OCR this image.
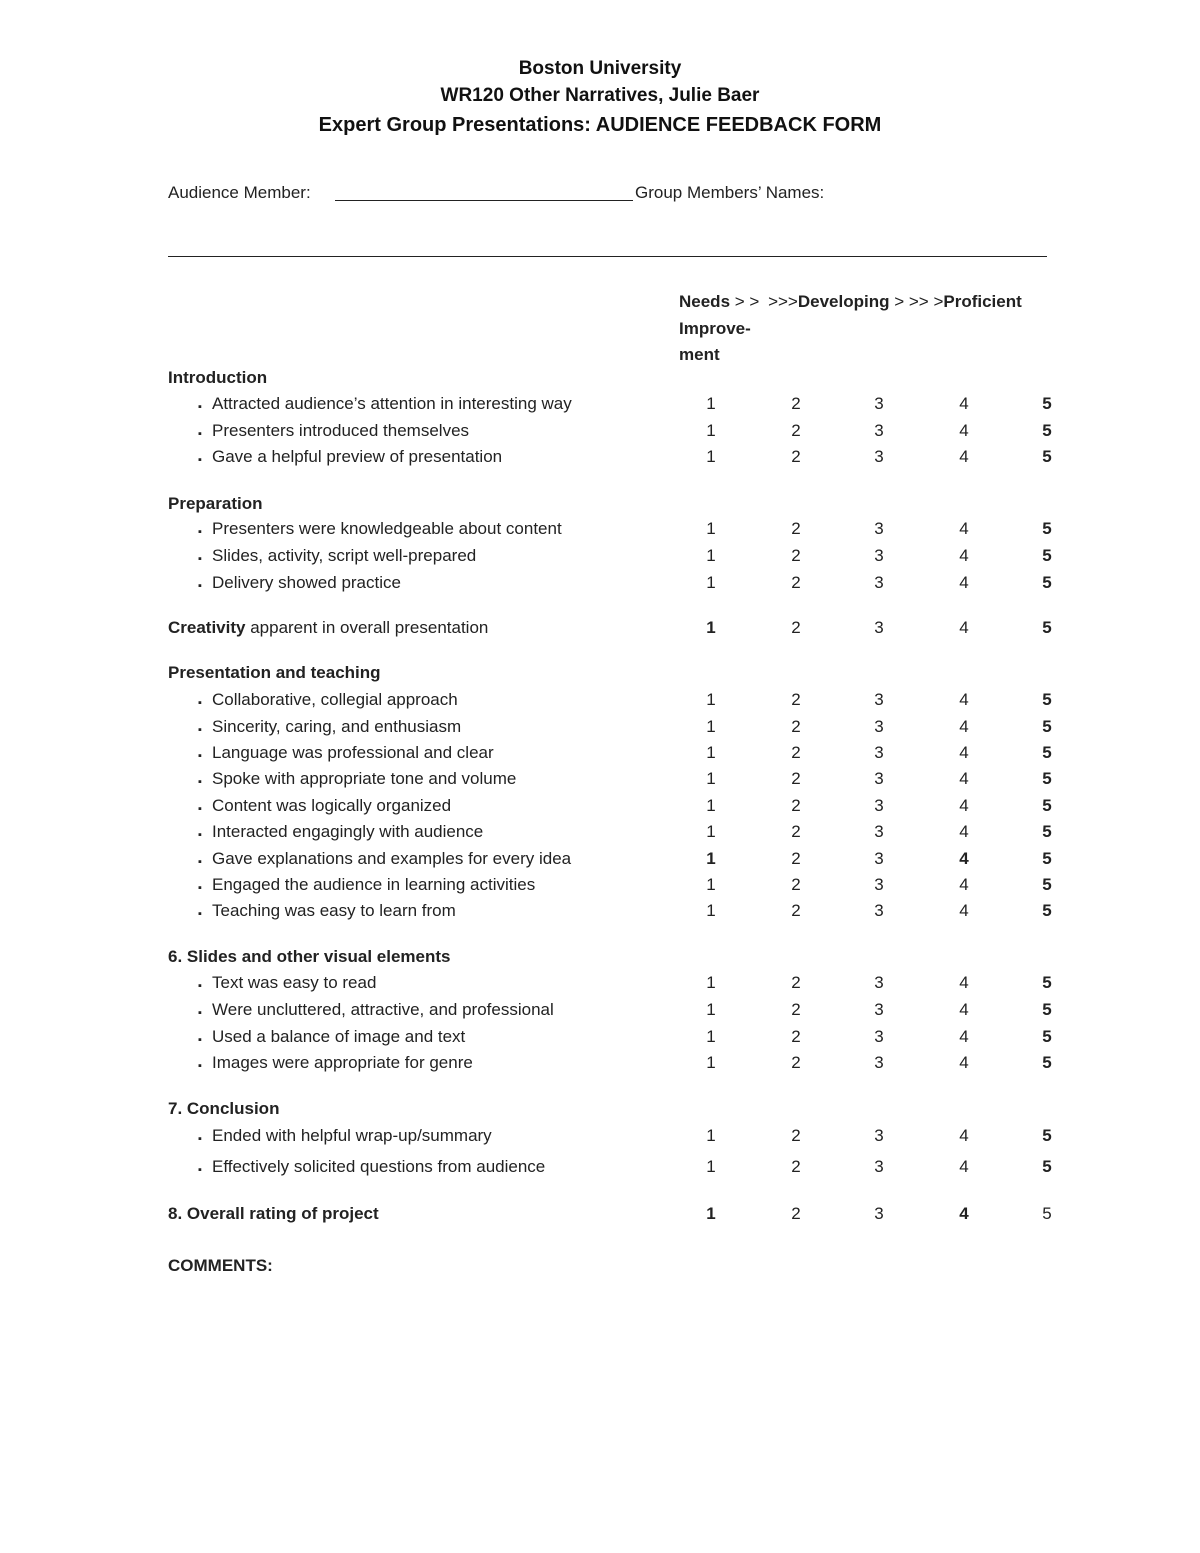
Boston University
WR120 Other Narratives, Julie Baer
Expert Group Presentations: AUDIENCE FEEDBACK FORM
Audience Member:	Group Members’ Names:
Needs > > >>>Developing > >> >Proficient
Improve-
ment
Introduction
▪ Attracted audience’s attention in interesting way	1	2	3	4	5
▪ Presenters introduced themselves	1	2	3	4	5
▪ Gave a helpful preview of presentation	1	2	3	4	5
Preparation
▪ Presenters were knowledgeable about content	1	2	3	4	5
▪ Slides, activity, script well-prepared	1	2	3	4	5
▪ Delivery showed practice	1	2	3	4	5
Creativity apparent in overall presentation	1	2	3	4	5
Presentation and teaching
▪ Collaborative, collegial approach	1	2	3	4	5
▪ Sincerity, caring, and enthusiasm	1	2	3	4	5
▪ Language was professional and clear	1	2	3	4	5
▪ Spoke with appropriate tone and volume	1	2	3	4	5
▪ Content was logically organized	1	2	3	4	5
▪ Interacted engagingly with audience	1	2	3	4	5
▪ Gave explanations and examples for every idea	1	2	3	4	5
▪ Engaged the audience in learning activities	1	2	3	4	5
▪ Teaching was easy to learn from	1	2	3	4	5
6. Slides and other visual elements
▪ Text was easy to read	1	2	3	4	5
▪ Were uncluttered, attractive, and professional	1	2	3	4	5
▪ Used a balance of image and text	1	2	3	4	5
▪ Images were appropriate for genre	1	2	3	4	5
7. Conclusion
▪ Ended with helpful wrap-up/summary	1	2	3	4	5
▪ Effectively solicited questions from audience	1	2	3	4	5
8. Overall rating of project	1	2	3	4	5
COMMENTS:
